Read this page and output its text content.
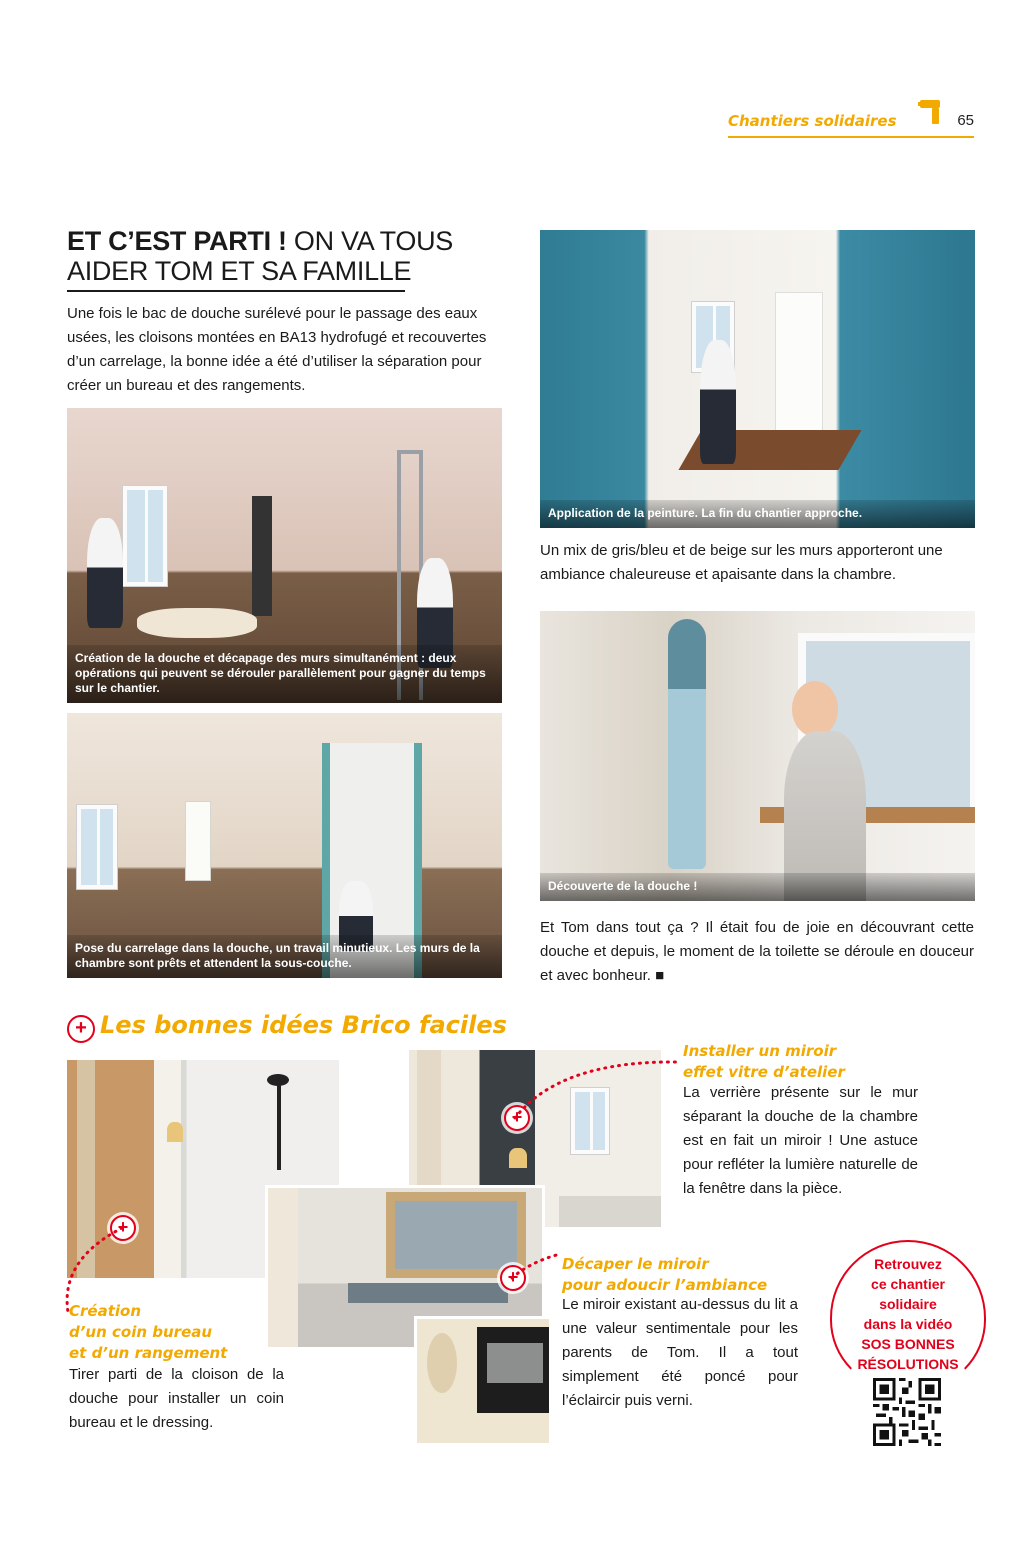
Chantiers solidaires	65
ET C’EST PARTI ! ON VA TOUS AIDER TOM ET SA FAMILLE

Une fois le bac de douche surélevé pour le passage des eaux usées, les cloisons montées en BA13 hydrofugé et recouvertes d’un carrelage, la bonne idée a été d’utiliser la séparation pour créer un bureau et des rangements.

Création de la douche et décapage des murs simultanément : deux opérations qui peuvent se dérouler parallèlement pour gagner du temps sur le chantier.
Pose du carrelage dans la douche, un travail minutieux. Les murs de la chambre sont prêts et attendent la sous-couche.
Application de la peinture. La fin du chantier approche.

Un mix de gris/bleu et de beige sur les murs apporteront une ambiance chaleureuse et apaisante dans la chambre.

Découverte de la douche !

Et Tom dans tout ça ? Il était fou de joie en découvrant cette douche et depuis, le moment de la toilette se déroule en douceur et avec bonheur. ■

+ Les bonnes idées Brico faciles
+
+
+
Installer un miroir
effet vitre d’atelier

La verrière présente sur le mur séparant la douche de la chambre est en fait un miroir ! Une astuce pour refléter la lumière naturelle de la fenêtre dans la pièce.

Décaper le miroir
pour adoucir l’ambiance

Le miroir existant au-dessus du lit a une valeur sentimentale pour les parents de Tom. Il a tout simplement été poncé pour l’éclaircir puis verni.

Création
d’un coin bureau
et d’un rangement

Tirer parti de la cloison de la douche pour installer un coin bureau et le dressing.

Retrouvez
ce chantier
solidaire
dans la vidéo
SOS BONNES
RÉSOLUTIONS
